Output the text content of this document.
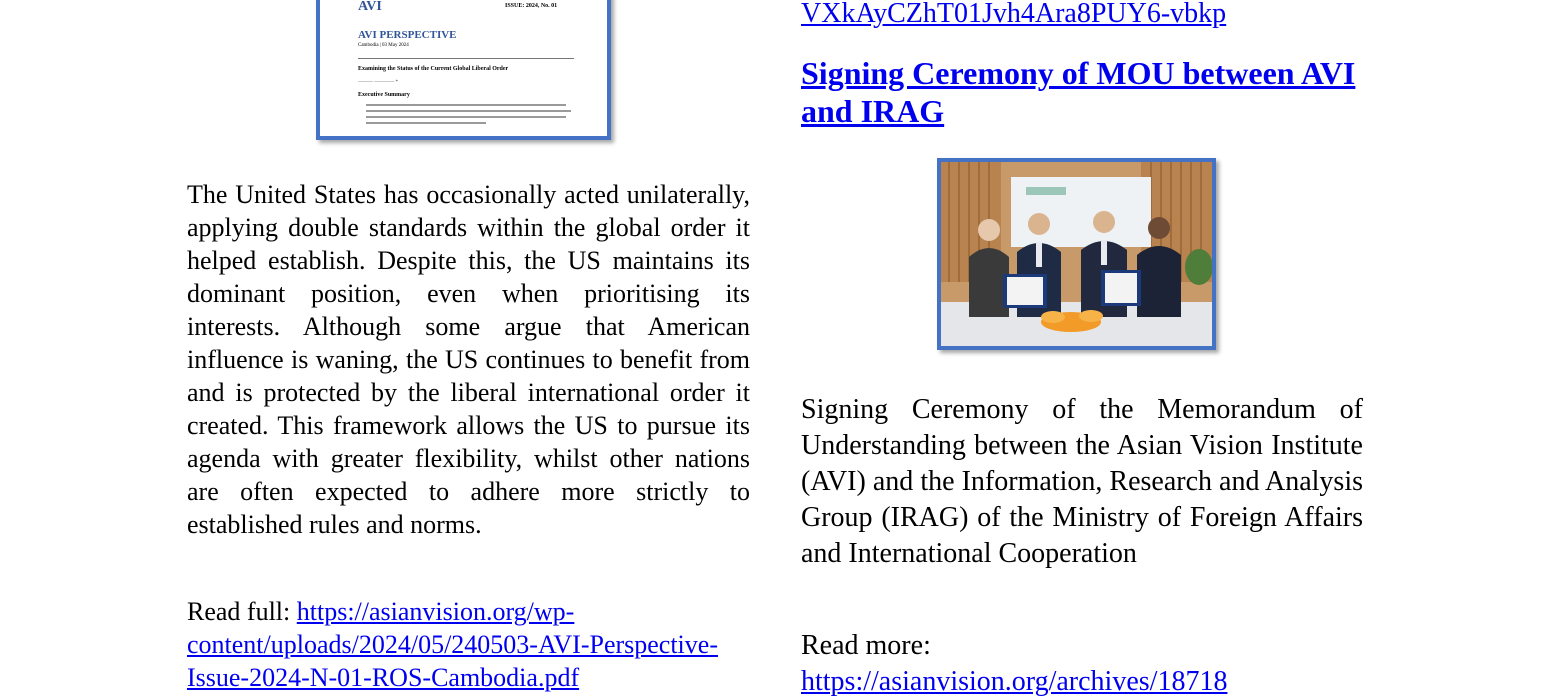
AVI	ISSUE: 2024, No. 01
AVI PERSPECTIVE
Cambodia | 03 May 2024
Examining the Status of the Current Global Liberal Order
——— ———— *
Executive Summary

The United States has occasionally acted unilaterally, applying double standards within the global order it helped establish. Despite this, the US maintains its dominant position, even when prioritising its interests. Although some argue that American influence is waning, the US continues to benefit from and is protected by the liberal international order it created. This framework allows the US to pursue its agenda with greater flexibility, whilst other nations are often expected to adhere more strictly to established rules and norms.

Read full: https://asianvision.org/wp-content/uploads/2024/05/240503-AVI-Perspective-Issue-2024-N-01-ROS-Cambodia.pdf

VXkAyCZhT01Jvh4Ara8PUY6-vbkp

Signing Ceremony of MOU between AVI and IRAG

Signing Ceremony of the Memorandum of Understanding between the Asian Vision Institute (AVI) and the Information, Research and Analysis Group (IRAG) of the Ministry of Foreign Affairs and International Cooperation

Read more:
https://asianvision.org/archives/18718
